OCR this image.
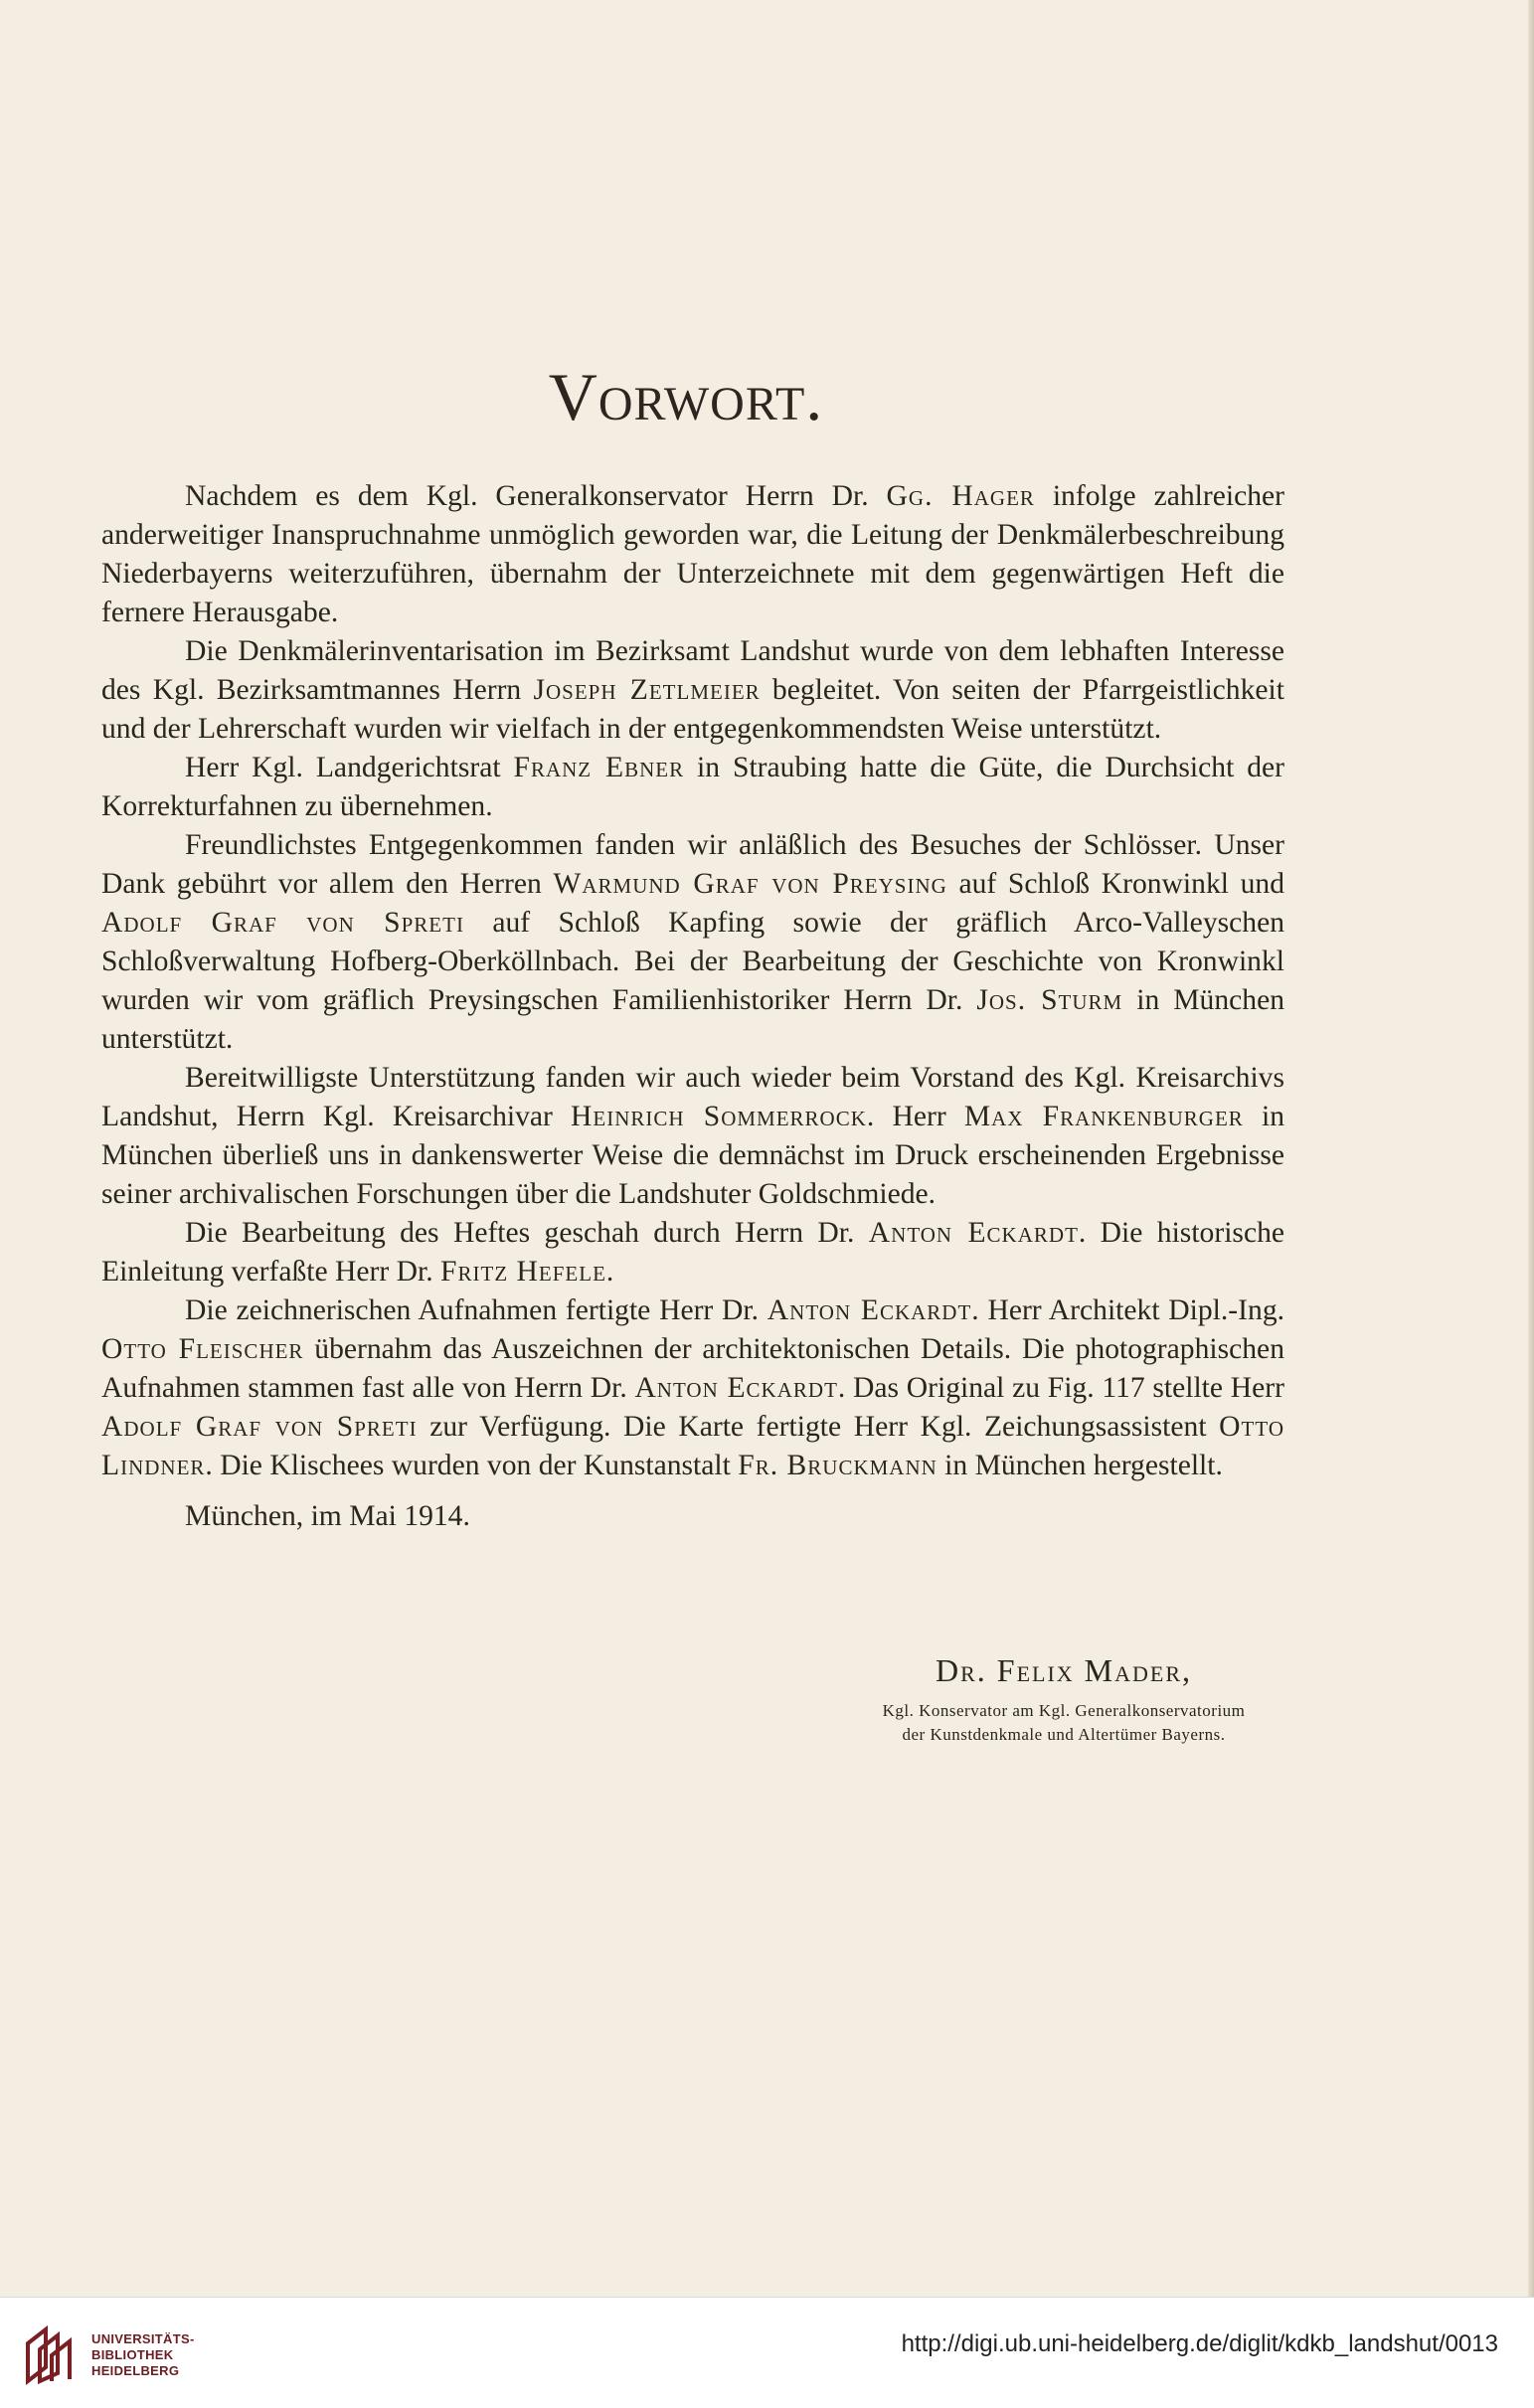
Vorwort.

Nachdem es dem Kgl. Generalkonservator Herrn Dr. Gg. Hager infolge zahlreicher anderweitiger Inanspruchnahme unmöglich geworden war, die Leitung der Denkmälerbeschreibung Niederbayerns weiterzuführen, übernahm der Unterzeichnete mit dem gegenwärtigen Heft die fernere Herausgabe.

Die Denkmälerinventarisation im Bezirksamt Landshut wurde von dem lebhaften Interesse des Kgl. Bezirksamtmannes Herrn Joseph Zetlmeier begleitet. Von seiten der Pfarrgeistlichkeit und der Lehrerschaft wurden wir vielfach in der entgegenkommendsten Weise unterstützt.

Herr Kgl. Landgerichtsrat Franz Ebner in Straubing hatte die Güte, die Durchsicht der Korrekturfahnen zu übernehmen.

Freundlichstes Entgegenkommen fanden wir anläßlich des Besuches der Schlösser. Unser Dank gebührt vor allem den Herren Warmund Graf von Preysing auf Schloß Kronwinkl und Adolf Graf von Spreti auf Schloß Kapfing sowie der gräflich Arco-Valleyschen Schloßverwaltung Hofberg-Oberköllnbach. Bei der Bearbeitung der Geschichte von Kronwinkl wurden wir vom gräflich Preysingschen Familienhistoriker Herrn Dr. Jos. Sturm in München unterstützt.

Bereitwilligste Unterstützung fanden wir auch wieder beim Vorstand des Kgl. Kreisarchivs Landshut, Herrn Kgl. Kreisarchivar Heinrich Sommerrock. Herr Max Frankenburger in München überließ uns in dankenswerter Weise die demnächst im Druck erscheinenden Ergebnisse seiner archivalischen Forschungen über die Landshuter Goldschmiede.

Die Bearbeitung des Heftes geschah durch Herrn Dr. Anton Eckardt. Die historische Einleitung verfaßte Herr Dr. Fritz Hefele.

Die zeichnerischen Aufnahmen fertigte Herr Dr. Anton Eckardt. Herr Architekt Dipl.-Ing. Otto Fleischer übernahm das Auszeichnen der architektonischen Details. Die photographischen Aufnahmen stammen fast alle von Herrn Dr. Anton Eckardt. Das Original zu Fig. 117 stellte Herr Adolf Graf von Spreti zur Verfügung. Die Karte fertigte Herr Kgl. Zeichungsassistent Otto Lindner. Die Klischees wurden von der Kunstanstalt Fr. Bruckmann in München hergestellt.

München, im Mai 1914.

Dr. Felix Mader,

Kgl. Konservator am Kgl. Generalkonservatorium

der Kunstdenkmale und Altertümer Bayerns.

UNIVERSITÄTS-
BIBLIOTHEK
HEIDELBERG
http://digi.ub.uni-heidelberg.de/diglit/kdkb_landshut/0013
